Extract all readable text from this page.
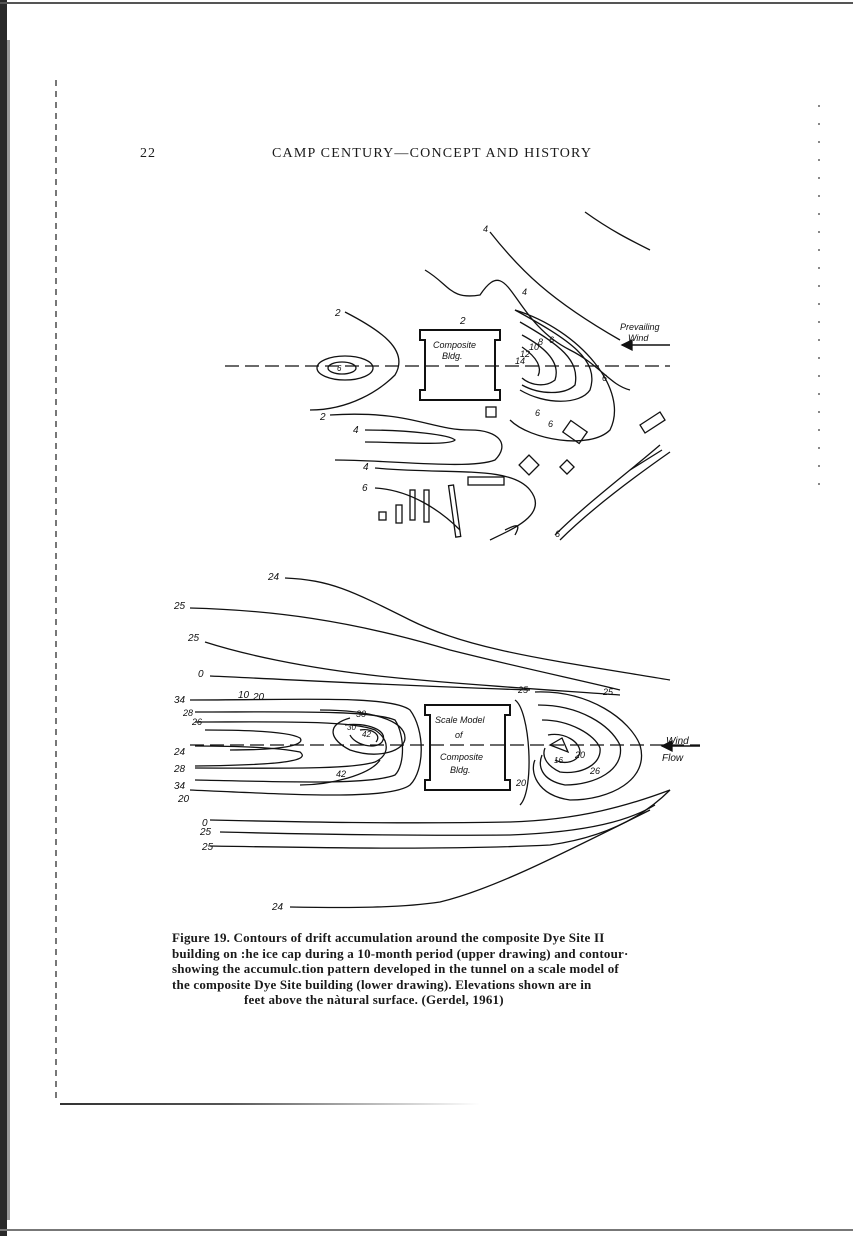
22	CAMP CENTURY—CONCEPT AND HISTORY
Composite
Bldg.
Prevailing
Wind
2
2
2
4
4
6
6
6
8
10
12
14
6
6
4
6
6
4
Scale Model
of
Composite
Bldg.
Wind
Flow
24
25
25
0
34
28
26
24
28
34
20
0
25
25
24
10 20
30
42
30
42
25	25
20
16
26
20
Figure 19. Contours of drift accumulation around the composite Dye Site II
building on :he ice cap during a 10-month period (upper drawing) and contour·
showing the accumulc.tion pattern developed in the tunnel on a scale model of
the composite Dye Site building (lower drawing). Elevations shown are in
feet above the nàtural surface. (Gerdel, 1961)
